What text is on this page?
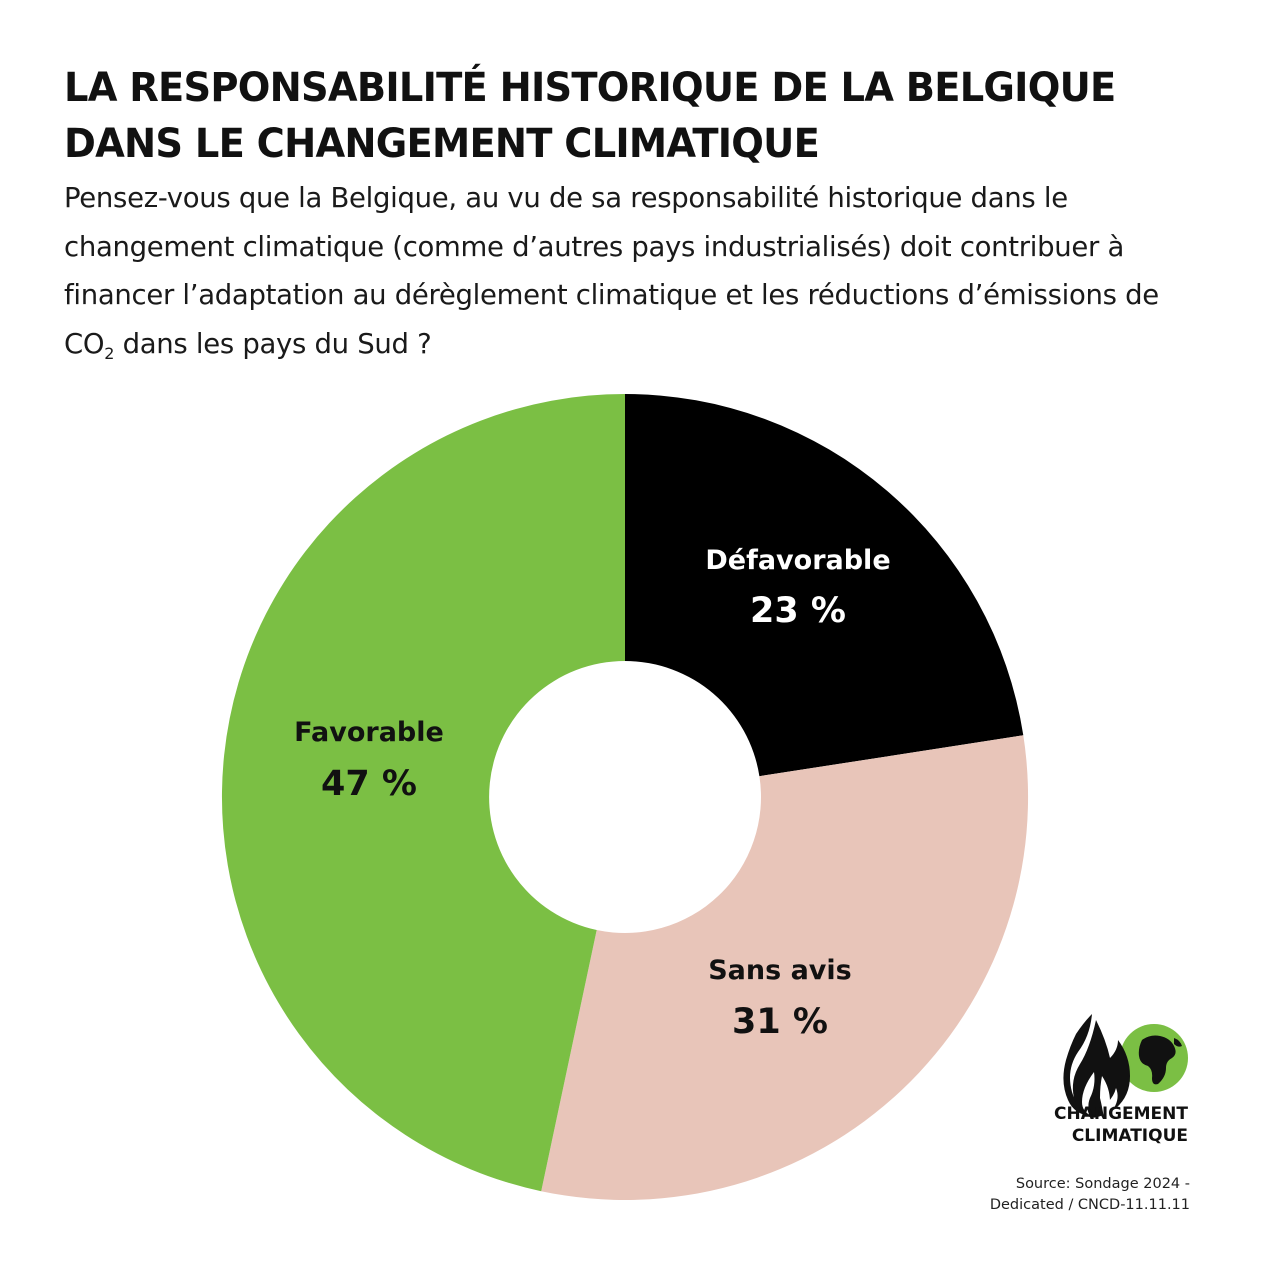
LA RESPONSABILITÉ HISTORIQUE DE LA BELGIQUE
DANS LE CHANGEMENT CLIMATIQUE

Pensez-vous que la Belgique, au vu de sa responsabilité historique dans le changement climatique (comme d’autres pays industrialisés) doit contribuer à financer l’adaptation au dérèglement climatique et les réductions d’émissions de $CO_2$ dans les pays du Sud ?

Défavorable
23 %
Favorable
47 %
Sans avis
31 %
CHANGEMENT
CLIMATIQUE
Source: Sondage 2024 -
Dedicated / CNCD-11.11.11
